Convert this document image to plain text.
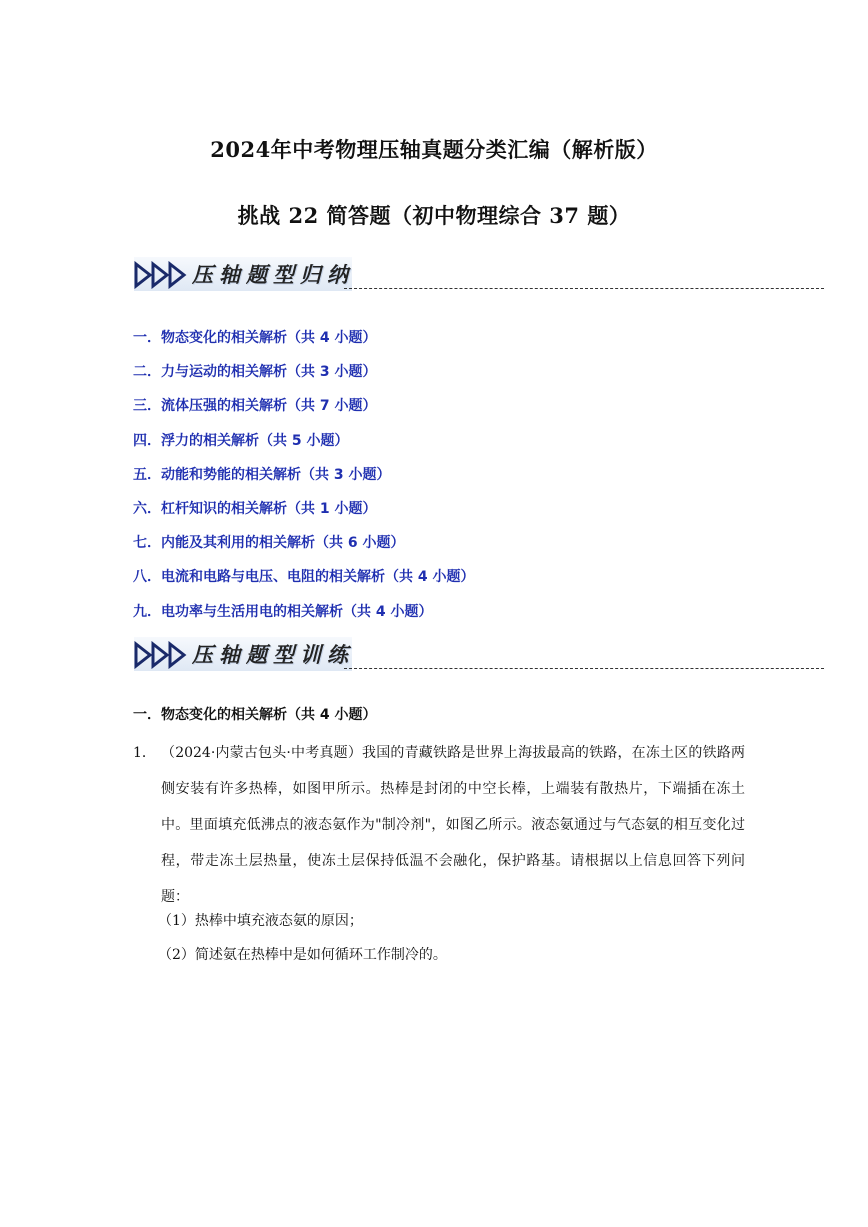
2024年中考物理压轴真题分类汇编（解析版）
挑战 22 简答题（初中物理综合 37 题）
压轴题型归纳
一．物态变化的相关解析（共 4 小题）
二．力与运动的相关解析（共 3 小题）
三．流体压强的相关解析（共 7 小题）
四．浮力的相关解析（共 5 小题）
五．动能和势能的相关解析（共 3 小题）
六．杠杆知识的相关解析（共 1 小题）
七．内能及其利用的相关解析（共 6 小题）
八．电流和电路与电压、电阻的相关解析（共 4 小题）
九．电功率与生活用电的相关解析（共 4 小题）
压轴题型训练
一．物态变化的相关解析（共 4 小题）
1． （2024·内蒙古包头·中考真题）我国的青藏铁路是世界上海拔最高的铁路，在冻土区的铁路两侧安装有许多热棒，如图甲所示。热棒是封闭的中空长棒，上端装有散热片，下端插在冻土中。里面填充低沸点的液态氨作为"制冷剂"，如图乙所示。液态氨通过与气态氨的相互变化过程，带走冻土层热量，使冻土层保持低温不会融化，保护路基。请根据以上信息回答下列问题：
（1）热棒中填充液态氨的原因；
（2）简述氨在热棒中是如何循环工作制冷的。
